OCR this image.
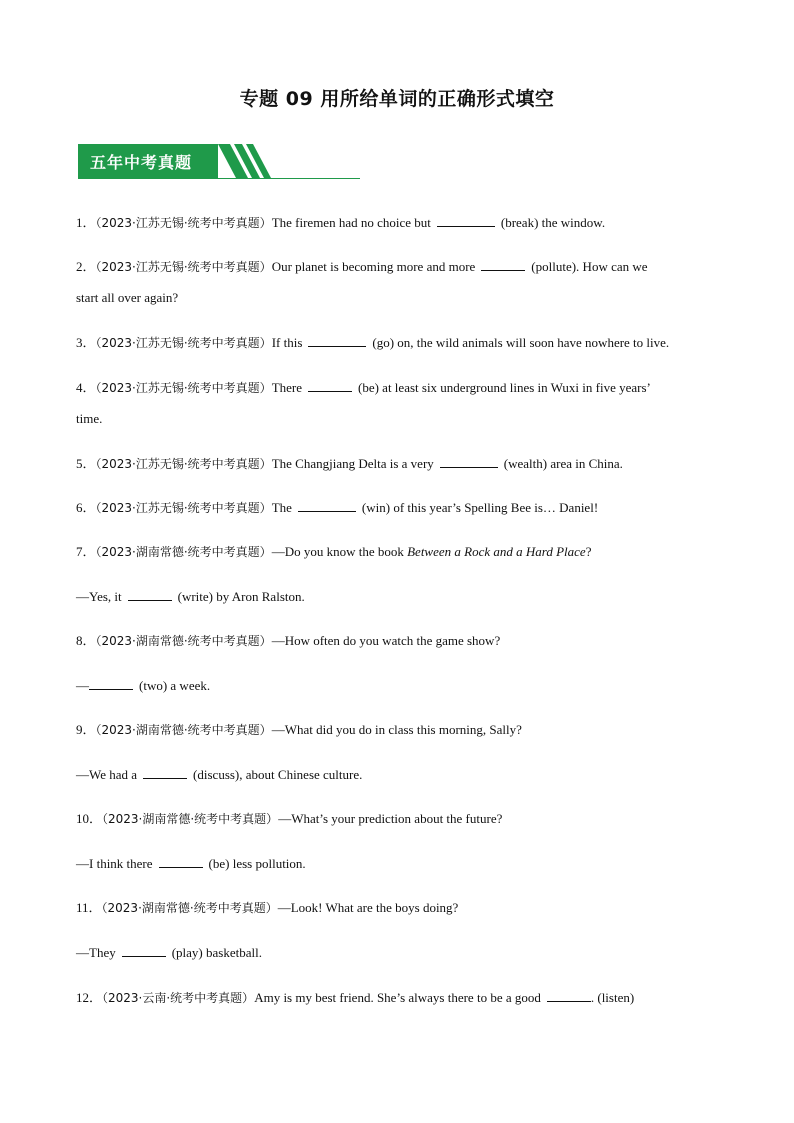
专题 09 用所给单词的正确形式填空
五年中考真题
1．（2023·江苏无锡·统考中考真题）The firemen had no choice but	(break) the window.
2．（2023·江苏无锡·统考中考真题）Our planet is becoming more and more	(pollute). How can we
start all over again?
3．（2023·江苏无锡·统考中考真题）If this	(go) on, the wild animals will soon have nowhere to live.
4．（2023·江苏无锡·统考中考真题）There	(be) at least six underground lines in Wuxi in five years’
time.
5．（2023·江苏无锡·统考中考真题）The Changjiang Delta is a very	(wealth) area in China.
6．（2023·江苏无锡·统考中考真题）The	(win) of this year’s Spelling Bee is… Daniel!
7．（2023·湖南常德·统考中考真题）—Do you know the book Between a Rock and a Hard Place?
—Yes, it	(write) by Aron Ralston.
8．（2023·湖南常德·统考中考真题）—How often do you watch the game show?
—	(two) a week.
9．（2023·湖南常德·统考中考真题）—What did you do in class this morning, Sally?
—We had a	(discuss), about Chinese culture.
10．（2023·湖南常德·统考中考真题）—What’s your prediction about the future?
—I think there	(be) less pollution.
11．（2023·湖南常德·统考中考真题）—Look! What are the boys doing?
—They	(play) basketball.
12．（2023·云南·统考中考真题）Amy is my best friend. She’s always there to be a good	. (listen)
